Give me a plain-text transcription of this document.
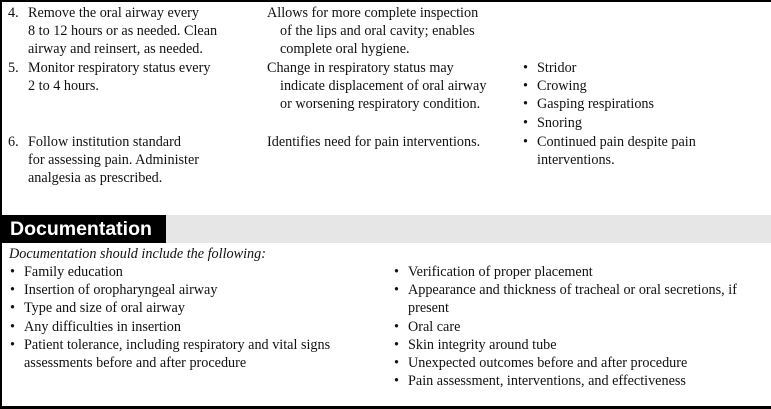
4. Remove the oral airway every
8 to 12 hours or as needed. Clean
airway and reinsert, as needed.
Allows for more complete inspection
of the lips and oral cavity; enables
complete oral hygiene.
5. Monitor respiratory status every
2 to 4 hours.
Change in respiratory status may
indicate displacement of oral airway
or worsening respiratory condition.
• Stridor
• Crowing
• Gasping respirations
• Snoring
6. Follow institution standard
for assessing pain. Administer
analgesia as prescribed.
Identifies need for pain interventions.	• Continued pain despite pain interventions.
Documentation
Documentation should include the following:
• Family education
• Insertion of oropharyngeal airway
• Type and size of oral airway
• Any difficulties in insertion
• Patient tolerance, including respiratory and vital signs assessments before and after procedure
• Verification of proper placement
• Appearance and thickness of tracheal or oral secretions, if present
• Oral care
• Skin integrity around tube
• Unexpected outcomes before and after procedure
• Pain assessment, interventions, and effectiveness
